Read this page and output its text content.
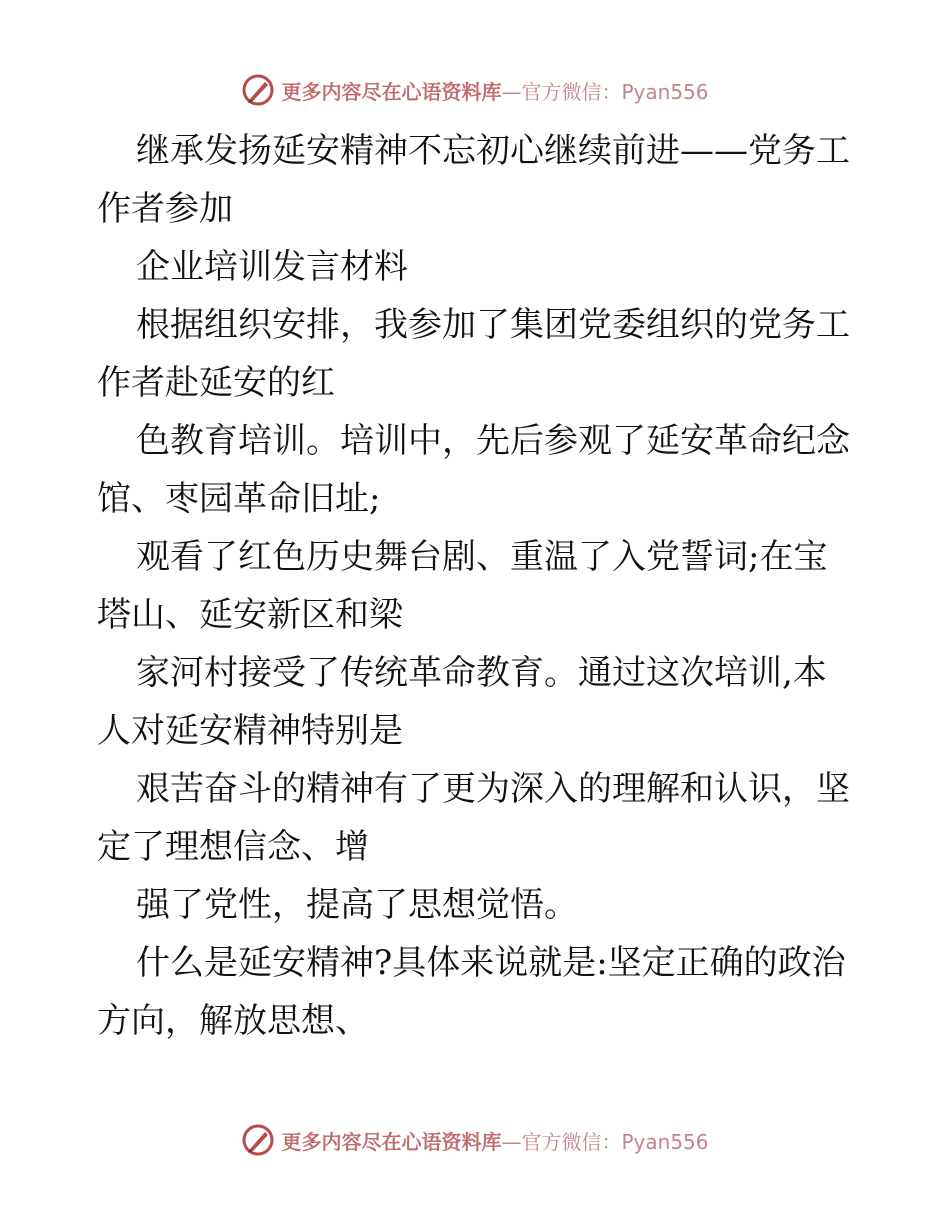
更多内容尽在心语资料库—官方微信：Pyan556
继承发扬延安精神不忘初心继续前进——党务工
作者参加
企业培训发言材料
根据组织安排，我参加了集团党委组织的党务工
作者赴延安的红
色教育培训。培训中，先后参观了延安革命纪念
馆、枣园革命旧址;
观看了红色历史舞台剧、重温了入党誓词;在宝
塔山、延安新区和梁
家河村接受了传统革命教育。通过这次培训,本
人对延安精神特别是
艰苦奋斗的精神有了更为深入的理解和认识，坚
定了理想信念、增
强了党性，提高了思想觉悟。
什么是延安精神?具体来说就是:坚定正确的政治
方向，解放思想、
更多内容尽在心语资料库—官方微信：Pyan556
